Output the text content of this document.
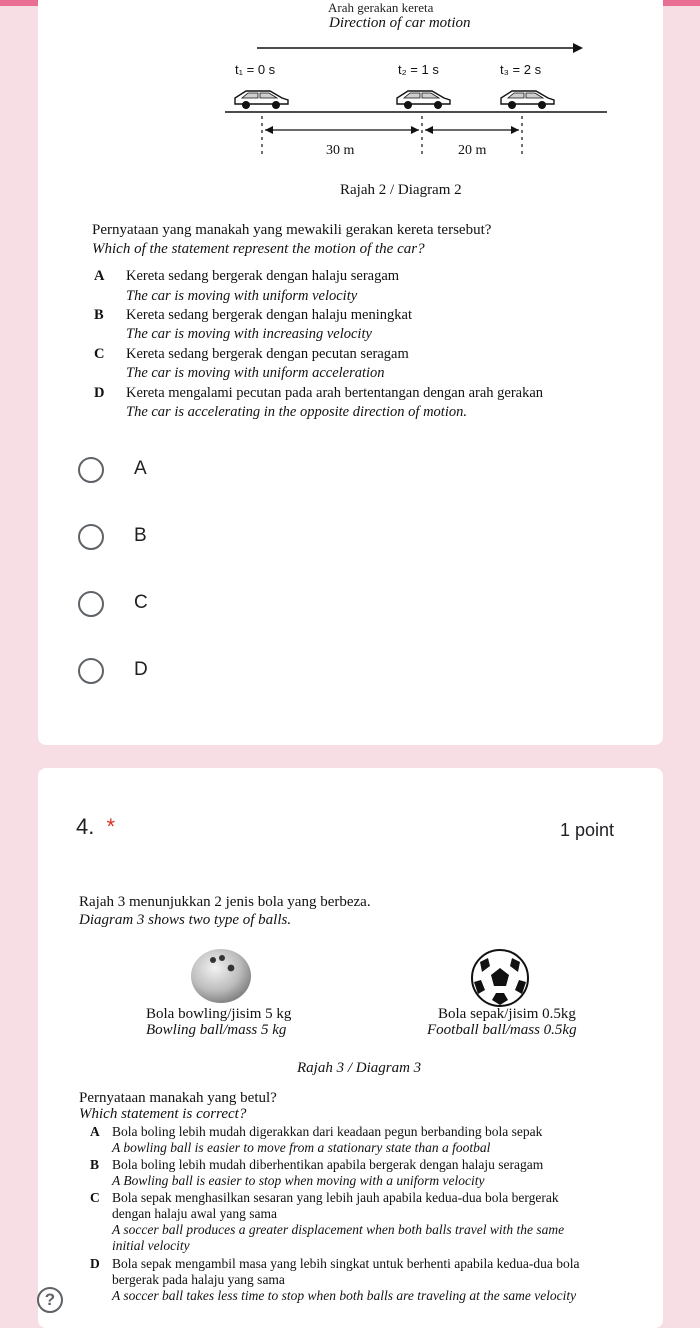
Arah gerakan kereta
Direction of car motion
t₁ = 0 s	t₂ = 1 s	t₃ = 2 s
30 m	20 m
Rajah 2 / Diagram 2
Pernyataan yang manakah yang mewakili gerakan kereta tersebut?
Which of the statement represent the motion of the car?
A Kereta sedang bergerak dengan halaju seragam
The car is moving with uniform velocity
B Kereta sedang bergerak dengan halaju meningkat
The car is moving with increasing velocity
C Kereta sedang bergerak dengan pecutan seragam
The car is moving with uniform acceleration
D Kereta mengalami pecutan pada arah bertentangan dengan arah gerakan
The car is accelerating in the opposite direction of motion.
A
B
C
D
4. *	1 point
Rajah 3 menunjukkan 2 jenis bola yang berbeza.
Diagram 3 shows two type of balls.
Bola bowling/jisim 5 kg
Bowling ball/mass 5 kg
Bola sepak/jisim 0.5kg
Football ball/mass 0.5kg
Rajah 3 / Diagram 3
Pernyataan manakah yang betul?
Which statement is correct?
A Bola boling lebih mudah digerakkan dari keadaan pegun berbanding bola sepak
A bowling ball is easier to move from a stationary state than a footbal
B Bola boling lebih mudah diberhentikan apabila bergerak dengan halaju seragam
A Bowling ball is easier to stop when moving with a uniform velocity
C Bola sepak menghasilkan sesaran yang lebih jauh apabila kedua-dua bola bergerak
dengan halaju awal yang sama
A soccer ball produces a greater displacement when both balls travel with the same
initial velocity
D Bola sepak mengambil masa yang lebih singkat untuk berhenti apabila kedua-dua bola
bergerak pada halaju yang sama
A soccer ball takes less time to stop when both balls are traveling at the same velocity
?
